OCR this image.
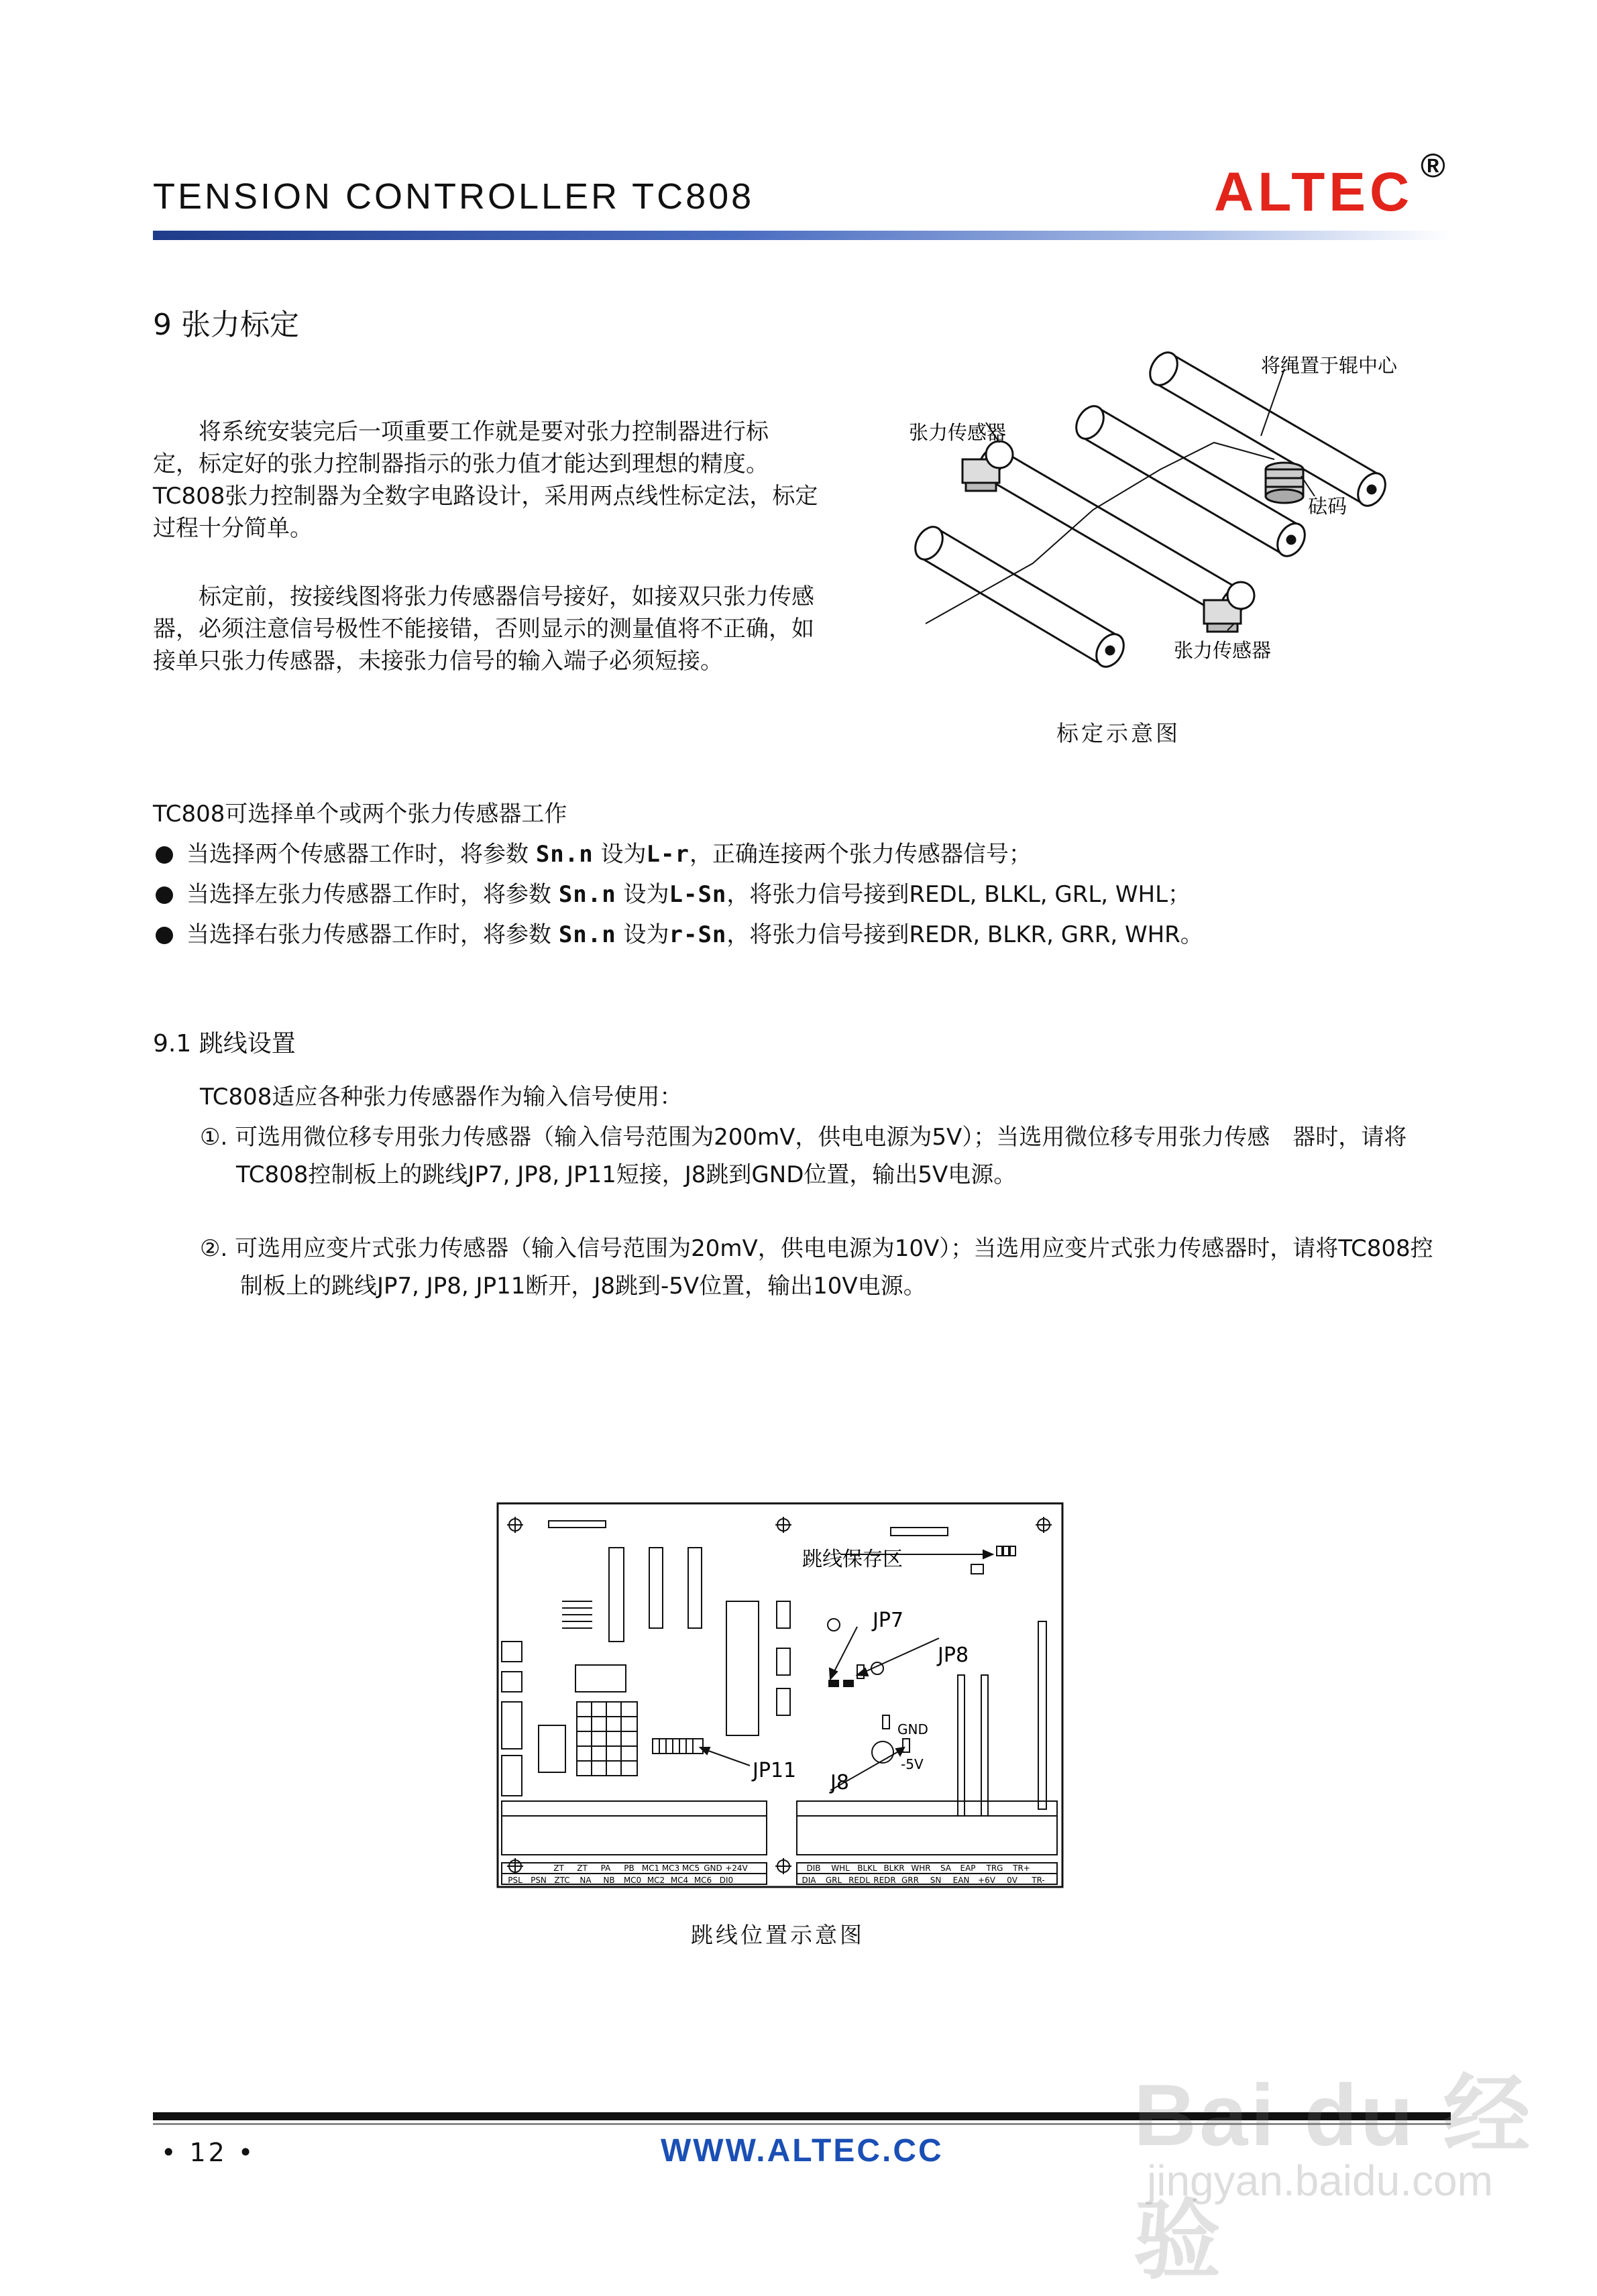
TENSION CONTROLLER TC808	ALTEC ®
9 张力标定
　　将系统安装完后一项重要工作就是要对张力控制器进行标
定，标定好的张力控制器指示的张力值才能达到理想的精度。
TC808张力控制器为全数字电路设计，采用两点线性标定法，标定
过程十分简单。
　　标定前，按接线图将张力传感器信号接好，如接双只张力传感
器，必须注意信号极性不能接错，否则显示的测量值将不正确，如
接单只张力传感器，未接张力信号的输入端子必须短接。
将绳置于辊中心
张力传感器
砝码
张力传感器
标定示意图
TC808可选择单个或两个张力传感器工作
当选择两个传感器工作时，将参数 Sn.n 设为L-r，正确连接两个张力传感器信号；
当选择左张力传感器工作时，将参数 Sn.n 设为L-Sn，将张力信号接到REDL, BLKL, GRL, WHL；
当选择右张力传感器工作时，将参数 Sn.n 设为r-Sn，将张力信号接到REDR, BLKR, GRR, WHR。
9.1 跳线设置
TC808适应各种张力传感器作为输入信号使用：
①. 可选用微位移专用张力传感器（输入信号范围为200mV，供电电源为5V）；当选用微位移专用张力传感　器时，请将
TC808控制板上的跳线JP7, JP8, JP11短接，J8跳到GND位置，输出5V电源。
②. 可选用应变片式张力传感器（输入信号范围为20mV，供电电源为10V）；当选用应变片式张力传感器时，请将TC808控
制板上的跳线JP7, JP8, JP11断开，J8跳到-5V位置，输出10V电源。
跳线保存区
JP7
JP8
JP11
J8
GND
-5V
ZT ZT PA PB MC1 MC3 MC5 GND +24V
PSL PSN ZTC NA NB MC0 MC2 MC4 MC6 DI0
DIB WHL BLKL BLKR WHR SA EAP TRG TR+
DIA GRL REDL REDR GRR SN EAN +6V 0V TR-
跳线位置示意图
• 12 •	WWW.ALTEC.CC Bai du 经验
jingyan.baidu.com
